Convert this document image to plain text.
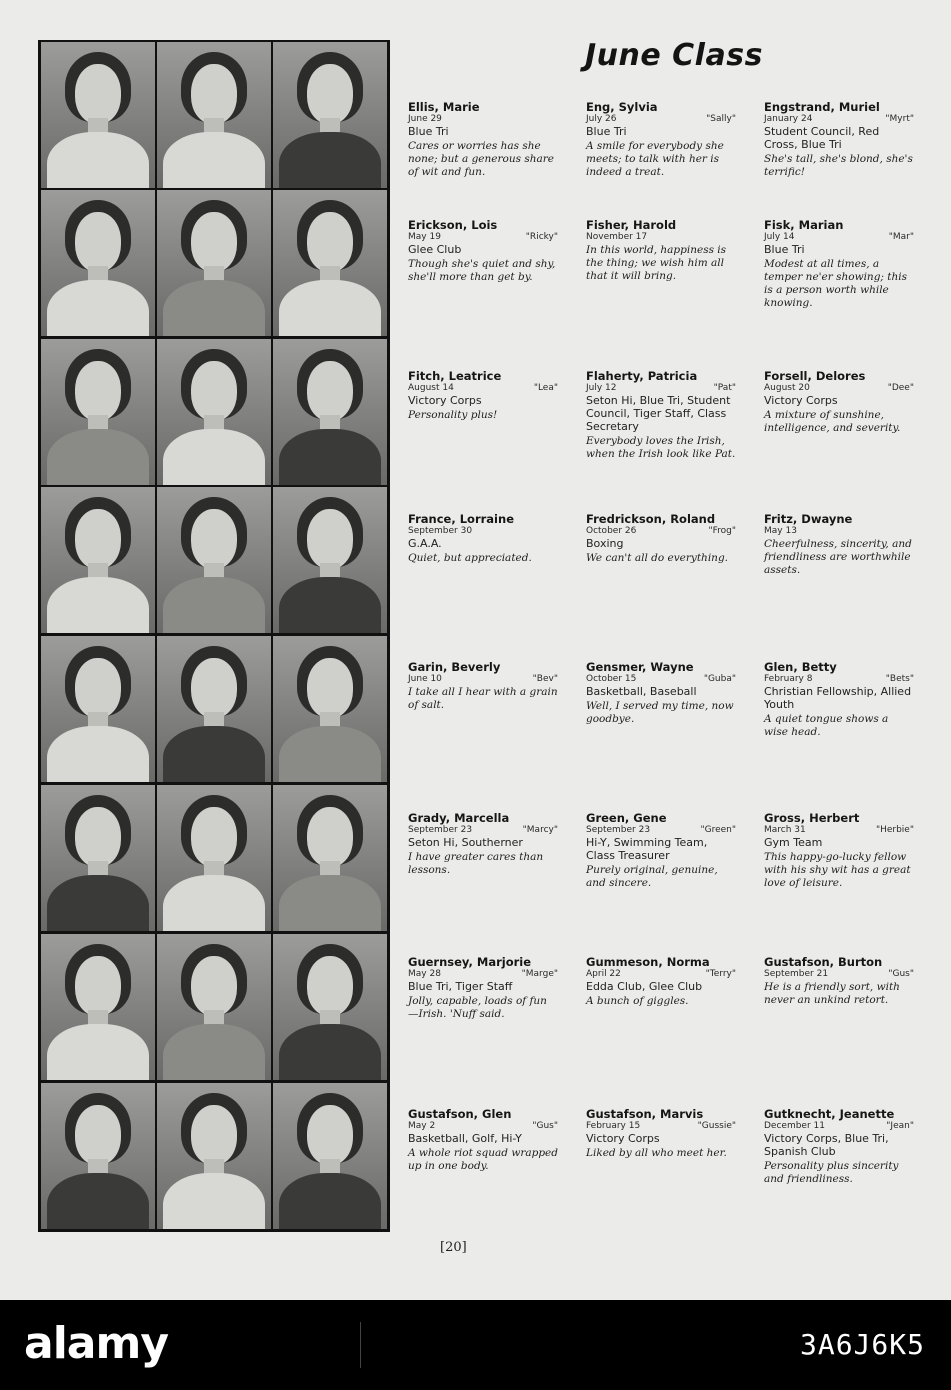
June Class
Ellis, Marie
June 29
Blue Tri
Cares or worries has she none; but a generous share of wit and fun.
Eng, Sylvia
July 26	"Sally"
Blue Tri
A smile for everybody she meets; to talk with her is indeed a treat.
Engstrand, Muriel
January 24	"Myrt"
Student Council, Red Cross, Blue Tri
She's tall, she's blond, she's terrific!
Erickson, Lois
May 19	"Ricky"
Glee Club
Though she's quiet and shy, she'll more than get by.
Fisher, Harold
November 17
In this world, happiness is the thing; we wish him all that it will bring.
Fisk, Marian
July 14	"Mar"
Blue Tri
Modest at all times, a temper ne'er showing; this is a person worth while knowing.
Fitch, Leatrice
August 14	"Lea"
Victory Corps
Personality plus!
Flaherty, Patricia
July 12	"Pat"
Seton Hi, Blue Tri, Student Council, Tiger Staff, Class Secretary
Everybody loves the Irish, when the Irish look like Pat.
Forsell, Delores
August 20	"Dee"
Victory Corps
A mixture of sunshine, intelligence, and severity.
France, Lorraine
September 30
G.A.A.
Quiet, but appreciated.
Fredrickson, Roland
October 26	"Frog"
Boxing
We can't all do everything.
Fritz, Dwayne
May 13
Cheerfulness, sincerity, and friendliness are worthwhile assets.
Garin, Beverly
June 10	"Bev"
I take all I hear with a grain of salt.
Gensmer, Wayne
October 15	"Guba"
Basketball, Baseball
Well, I served my time, now goodbye.
Glen, Betty
February 8	"Bets"
Christian Fellowship, Allied Youth
A quiet tongue shows a wise head.
Grady, Marcella
September 23	"Marcy"
Seton Hi, Southerner
I have greater cares than lessons.
Green, Gene
September 23	"Green"
Hi-Y, Swimming Team, Class Treasurer
Purely original, genuine, and sincere.
Gross, Herbert
March 31	"Herbie"
Gym Team
This happy-go-lucky fellow with his shy wit has a great love of leisure.
Guernsey, Marjorie
May 28	"Marge"
Blue Tri, Tiger Staff
Jolly, capable, loads of fun —Irish. 'Nuff said.
Gummeson, Norma
April 22	"Terry"
Edda Club, Glee Club
A bunch of giggles.
Gustafson, Burton
September 21	"Gus"
He is a friendly sort, with never an unkind retort.
Gustafson, Glen
May 2	"Gus"
Basketball, Golf, Hi-Y
A whole riot squad wrapped up in one body.
Gustafson, Marvis
February 15	"Gussie"
Victory Corps
Liked by all who meet her.
Gutknecht, Jeanette
December 11	"Jean"
Victory Corps, Blue Tri, Spanish Club
Personality plus sincerity and friendliness.
[20]
alamy	3A6J6K5
